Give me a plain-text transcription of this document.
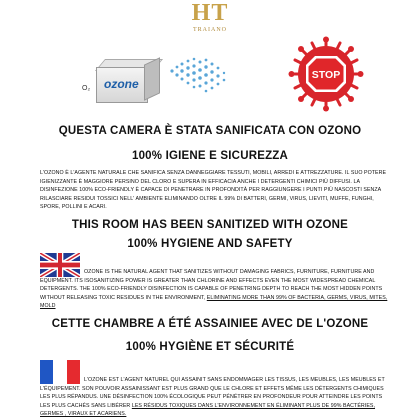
HT
TRAIANO
ozone
O₂
STOP
QUESTA CAMERA È STATA SANIFICATA CON OZONO
100% IGIENE E SICUREZZA
L'OZONO È L'AGENTE NATURALE CHE SANIFICA SENZA DANNEGGIARE TESSUTI, MOBILI, ARREDI E ATTREZZATURE. IL SUO POTERE IGIENIZZANTE È MAGGIORE PERSINO DEL CLORO E SUPERA IN EFFICACIA ANCHE I DETERGENTI CHIMICI PIÙ DIFFUSI. LA DISINFEZIONE 100% ECO-FRIENDLY È CAPACE DI PENETRARE IN PROFONDITÀ PER RAGGIUNGERE I PUNTI PIÙ NASCOSTI SENZA RILASCIARE RESIDUI TOSSICI NELL' AMBIENTE ELIMINANDO OLTRE IL 99% DI BATTERI, GERMI, VIRUS, LIEVITI, MUFFE, FUNGHI, SPORE, POLLINI E ACARI.
THIS ROOM HAS BEEN SANITIZED WITH OZONE
100% HYGIENE AND SAFETY
OZONE IS THE NATURAL AGENT THAT SANITIZES WITHOUT DAMAGING FABRICS, FURNITURE, FURNITURE AND EQUIPMENT. ITS ISOSANITIZING POWER IS GREATER THAN CHLORINE AND EFFECTS EVEN THE MOST WIDESPREAD CHEMICAL DETERGENTS. THE 100% ECO-FRIENDLY DISINFECTION IS CAPABLE OF PENETRING DEPTH TO REACH THE MOST HIDDEN POINTS WITHOUT RELEASING TOXIC RESIDUES IN THE ENVIRONMENT, ELIMINATING MORE THAN 99% OF BACTERIA, GERMS, VIRUS, MITES, MOLD
CETTE CHAMBRE A ÉTÉ ASSAINIEE AVEC DE L'OZONE
100% HYGIÈNE ET SÉCURITÉ
L'OZONE EST L'AGENT NATUREL QUI ASSAINIT SANS ENDOMMAGER LES TISSUS, LES MEUBLES, LES MEUBLES ET L'ÉQUIPEMENT. SON POUVOIR ASSAINISSANT EST PLUS GRAND QUE LE CHLORE ET EFFETS MÊME LES DÉTERGENTS CHIMIQUES LES PLUS RÉPANDUS. UNE DÉSINFECTION 100% ÉCOLOGIQUE PEUT PÉNÉTRER EN PROFONDEUR POUR ATTEINDRE LES POINTS LES PLUS CACHÉS SANS LIBÉRER LES RÉSIDUS TOXIQUES DANS L'ENVIRONNEMENT EN ÉLIMINANT PLUS DE 99% BACTÉRIES, GERMES , VIRAUX ET ACARIENS.
